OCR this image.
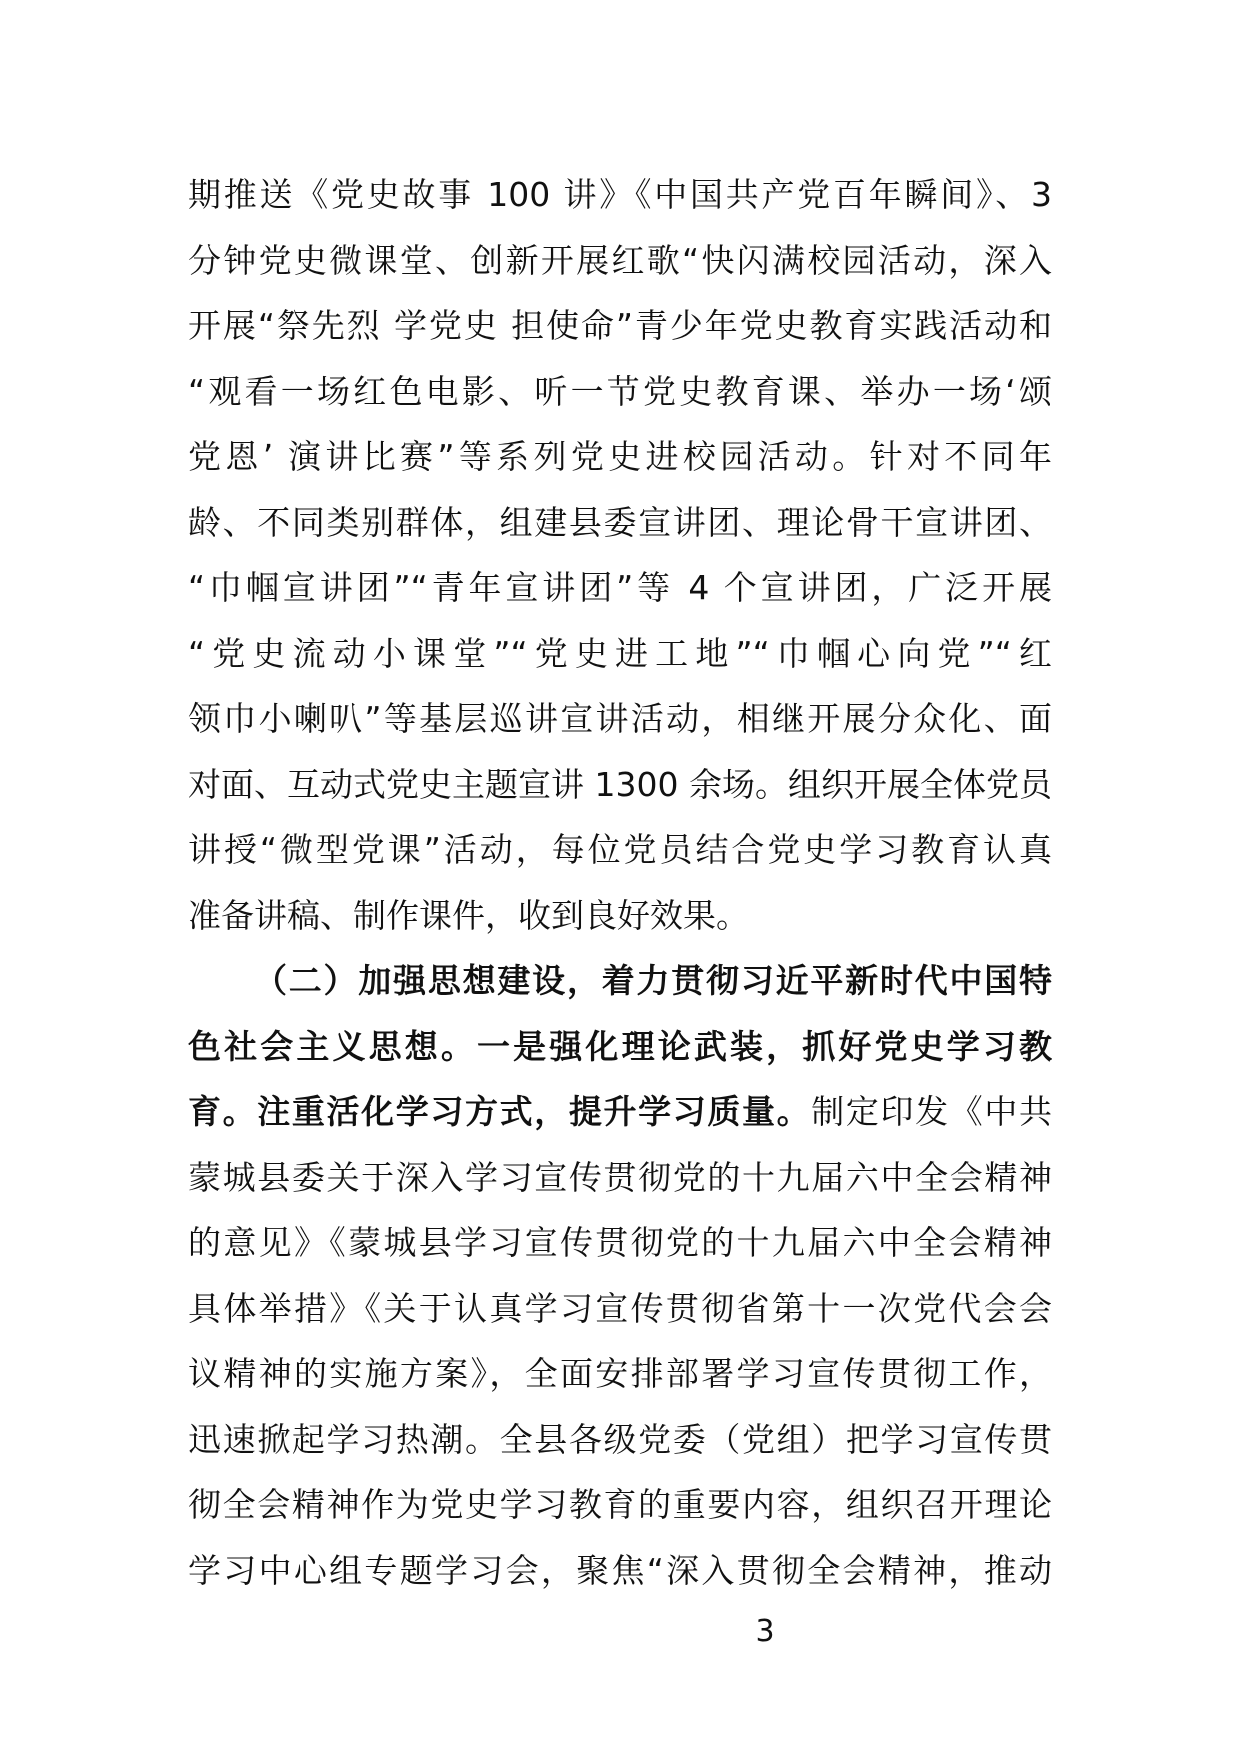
期推送《党史故事 100 讲》《中国共产党百年瞬间》、3
分钟党史微课堂、创新开展红歌“快闪满校园活动，深入
开展“祭先烈 学党史 担使命”青少年党史教育实践活动和
“观看一场红色电影、听一节党史教育课、举办一场‘颂
党恩’ 演讲比赛”等系列党史进校园活动。针对不同年
龄、不同类别群体，组建县委宣讲团、理论骨干宣讲团、
“巾帼宣讲团”“青年宣讲团”等 4 个宣讲团，广泛开展
“党史流动小课堂”“党史进工地”“巾帼心向党”“红
领巾小喇叭”等基层巡讲宣讲活动，相继开展分众化、面
对面、互动式党史主题宣讲 1300 余场。组织开展全体党员
讲授“微型党课”活动，每位党员结合党史学习教育认真
准备讲稿、制作课件，收到良好效果。
（二）加强思想建设，着力贯彻习近平新时代中国特
色社会主义思想。一是强化理论武装，抓好党史学习教
育。注重活化学习方式，提升学习质量。制定印发《中共
蒙城县委关于深入学习宣传贯彻党的十九届六中全会精神
的意见》《蒙城县学习宣传贯彻党的十九届六中全会精神
具体举措》《关于认真学习宣传贯彻省第十一次党代会会
议精神的实施方案》，全面安排部署学习宣传贯彻工作，
迅速掀起学习热潮。全县各级党委（党组）把学习宣传贯
彻全会精神作为党史学习教育的重要内容，组织召开理论
学习中心组专题学习会，聚焦“深入贯彻全会精神，推动
3
